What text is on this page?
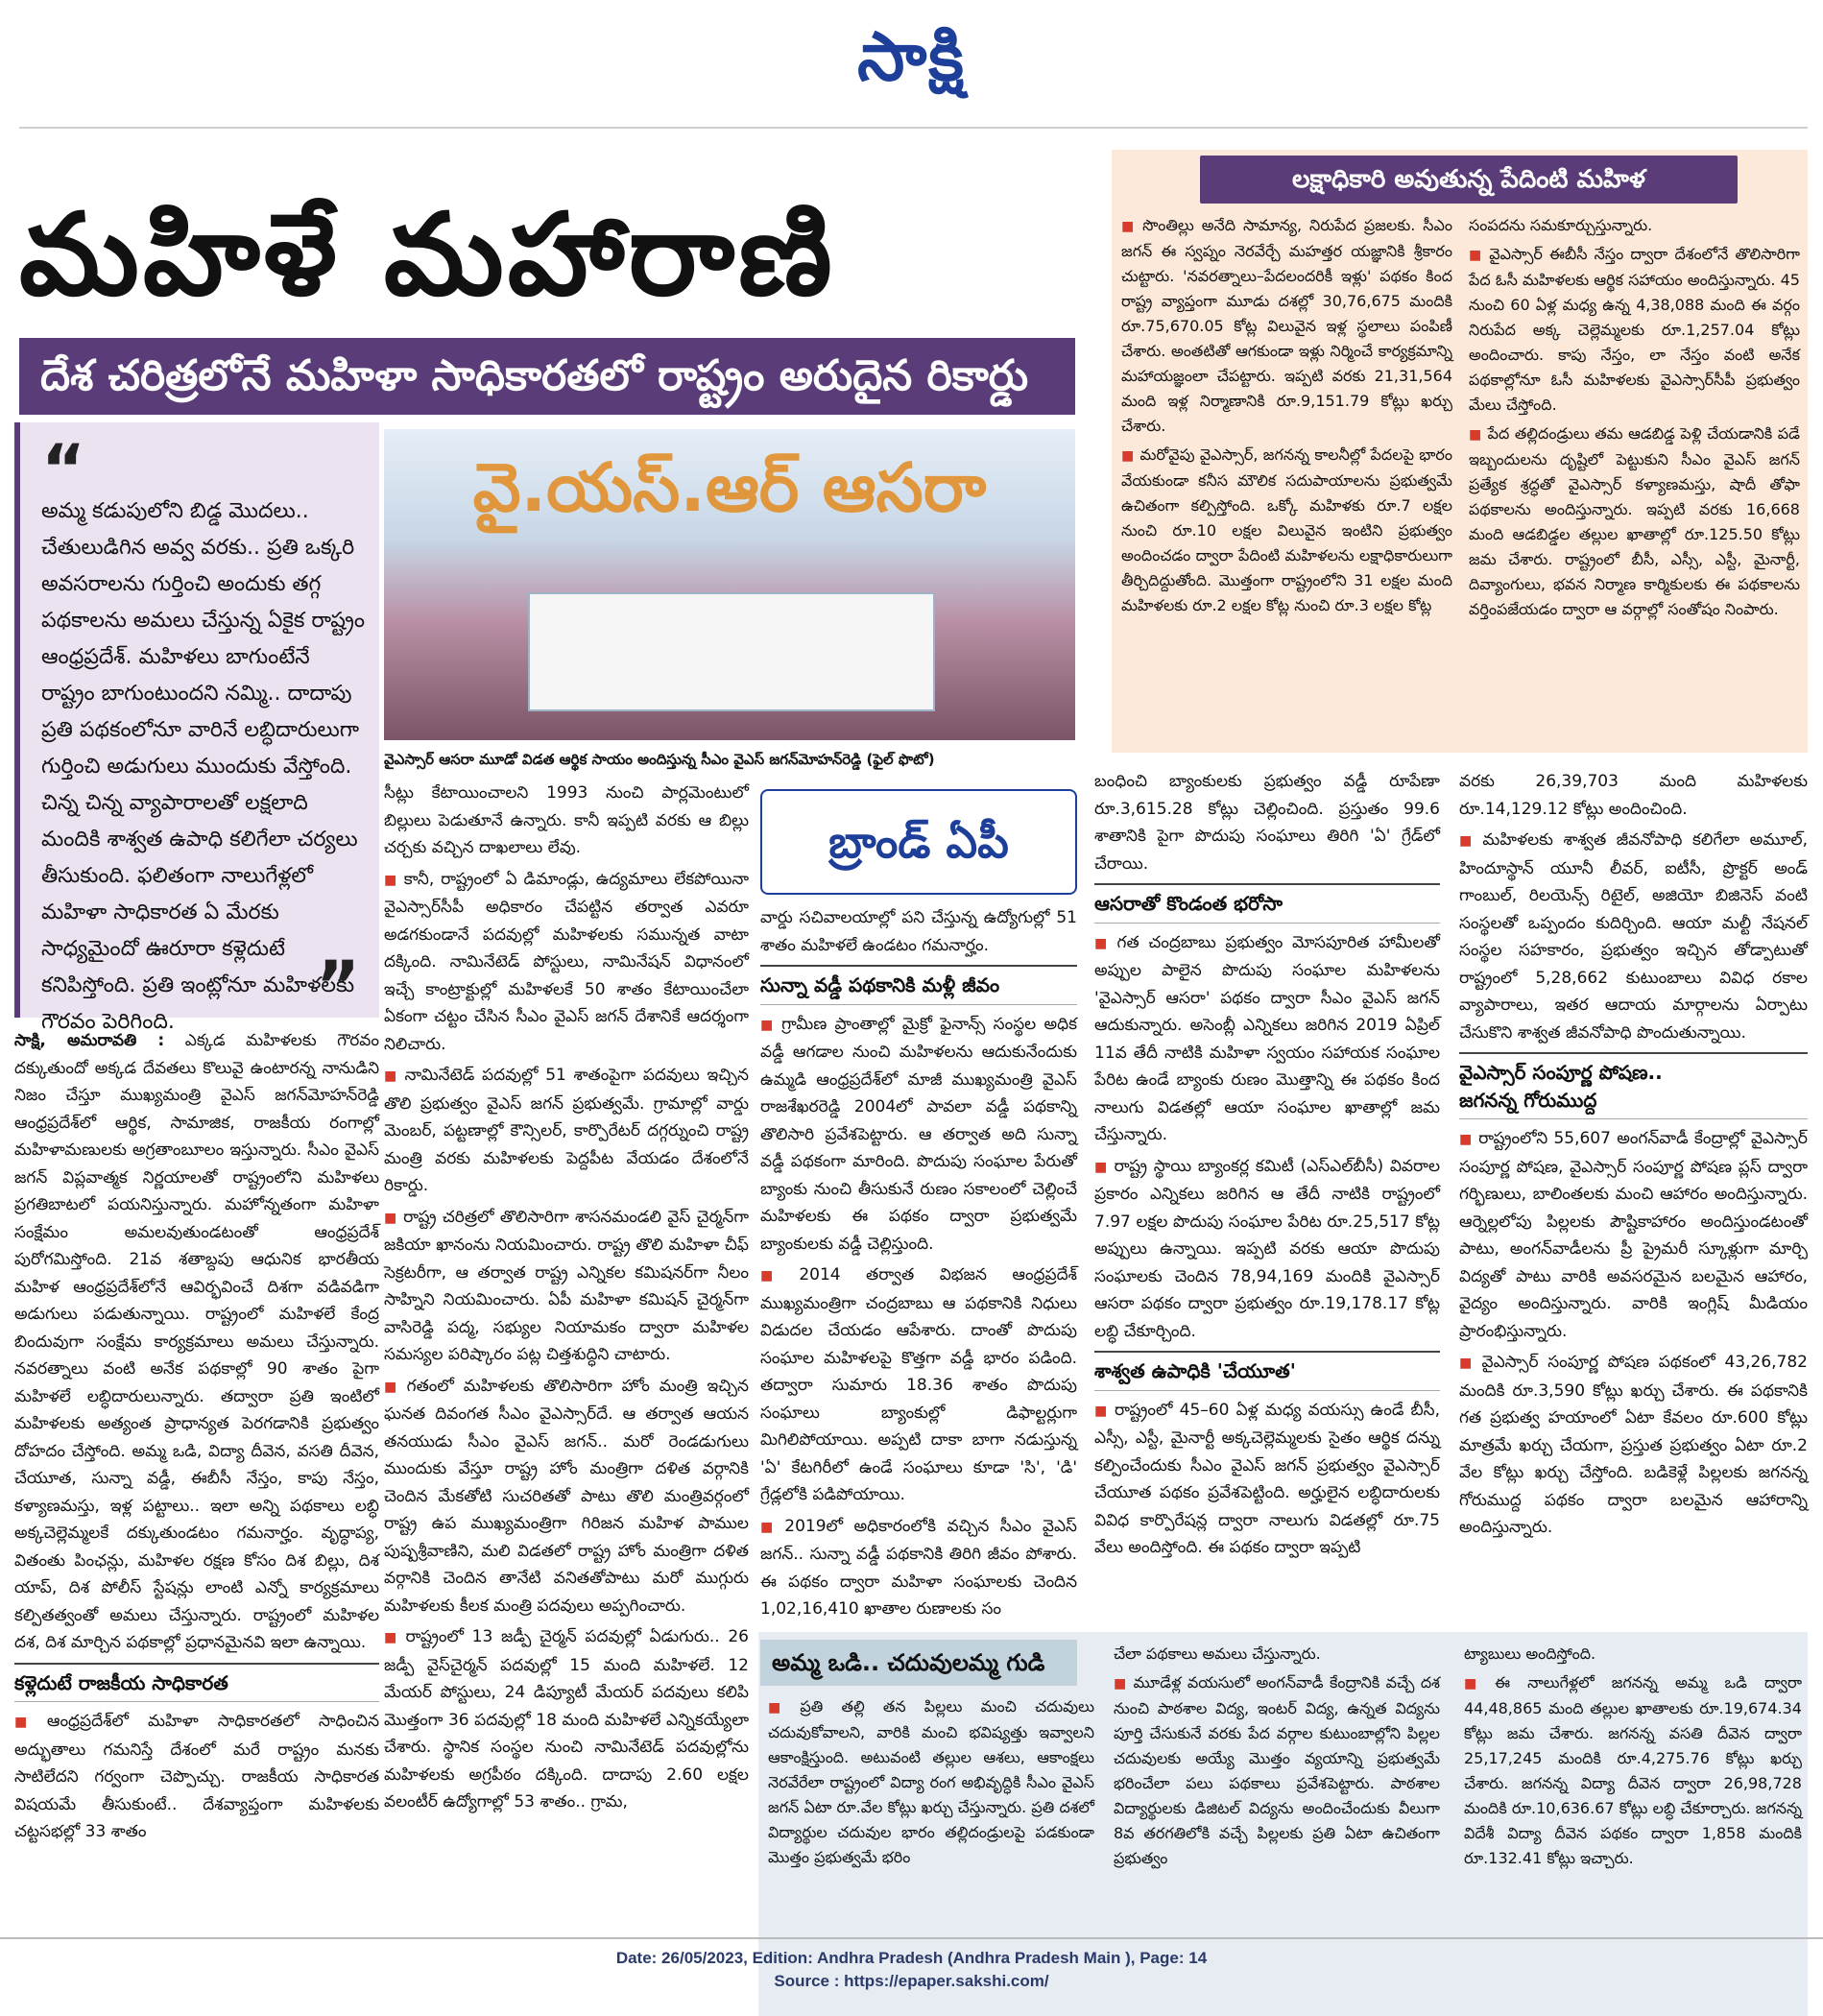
సాక్షి
మహిళే మహారాణి
దేశ చరిత్రలోనే మహిళా సాధికారతలో రాష్ట్రం అరుదైన రికార్డు
“
అమ్మ కడుపులోని బిడ్డ మొదలు.. చేతులుడిగిన అవ్వ వరకు.. ప్రతి ఒక్కరి అవసరాలను గుర్తించి అందుకు తగ్గ పథకాలను అమలు చేస్తున్న ఏకైక రాష్ట్రం ఆంధ్రప్రదేశ్. మహిళలు బాగుంటేనే రాష్ట్రం బాగుంటుందని నమ్మి.. దాదాపు ప్రతి పథకంలోనూ వారినే లబ్ధిదారులుగా గుర్తించి అడుగులు ముందుకు వేస్తోంది. చిన్న చిన్న వ్యాపారాలతో లక్షలాది మందికి శాశ్వత ఉపాధి కలిగేలా చర్యలు తీసుకుంది. ఫలితంగా నాలుగేళ్లలో మహిళా సాధికారత ఏ మేరకు సాధ్యమైందో ఊరూరా కళ్లెదుటే కనిపిస్తోంది. ప్రతి ఇంట్లోనూ మహిళలకు గౌరవం పెరిగింది.	”
వై.యస్.ఆర్ ఆసరా
వైఎస్సార్ ఆసరా మూడో విడత ఆర్థిక సాయం అందిస్తున్న సీఎం వైఎస్ జగన్‌మోహన్‌రెడ్డి (ఫైల్ ఫొటో)

సాక్షి, అమరావతి : ఎక్కడ మహిళలకు గౌరవం దక్కుతుందో అక్కడ దేవతలు కొలువై ఉంటారన్న నానుడిని నిజం చేస్తూ ముఖ్యమంత్రి వైఎస్ జగన్‌మోహన్‌రెడ్డి ఆంధ్రప్రదేశ్‌లో ఆర్థిక, సామాజిక, రాజకీయ రంగాల్లో మహిళామణులకు అగ్రతాంబూలం ఇస్తున్నారు. సీఎం వైఎస్ జగన్ విప్లవాత్మక నిర్ణయాలతో రాష్ట్రంలోని మహిళలు ప్రగతిబాటలో పయనిస్తున్నారు. మహోన్నతంగా మహిళా సంక్షేమం అమలవుతుండటంతో ఆంధ్రప్రదేశ్ పురోగమిస్తోంది. 21వ శతాబ్దపు ఆధునిక భారతీయ మహిళ ఆంధ్రప్రదేశ్‌లోనే ఆవిర్భవించే దిశగా వడివడిగా అడుగులు పడుతున్నాయి. రాష్ట్రంలో మహిళలే కేంద్ర బిందువుగా సంక్షేమ కార్యక్రమాలు అమలు చేస్తున్నారు. నవరత్నాలు వంటి అనేక పథకాల్లో 90 శాతం పైగా మహిళలే లబ్ధిదారులున్నారు. తద్వారా ప్రతి ఇంటిలో మహిళలకు అత్యంత ప్రాధాన్యత పెరగడానికి ప్రభుత్వం దోహదం చేస్తోంది. అమ్మ ఒడి, విద్యా దీవెన, వసతి దీవెన, చేయూత, సున్నా వడ్డీ, ఈబీసీ నేస్తం, కాపు నేస్తం, కళ్యాణమస్తు, ఇళ్ల పట్టాలు.. ఇలా అన్ని పథకాలు లబ్ధి అక్కచెల్లెమ్మలకే దక్కుతుండటం గమనార్హం. వృద్ధాప్య, వితంతు పింఛన్లు, మహిళల రక్షణ కోసం దిశ బిల్లు, దిశ యాప్, దిశ పోలీస్ స్టేషన్లు లాంటి ఎన్నో కార్యక్రమాలు కల్పితత్వంతో అమలు చేస్తున్నారు. రాష్ట్రంలో మహిళల దశ, దిశ మార్చిన పథకాల్లో ప్రధానమైనవి ఇలా ఉన్నాయి.

కళ్లెదుటే రాజకీయ సాధికారత

■ ఆంధ్రప్రదేశ్‌లో మహిళా సాధికారతలో సాధించిన అద్భుతాలు గమనిస్తే దేశంలో మరే రాష్ట్రం మనకు సాటిలేదని గర్వంగా చెప్పొచ్చు. రాజకీయ సాధికారత విషయమే తీసుకుంటే.. దేశవ్యాప్తంగా మహిళలకు చట్టసభల్లో 33 శాతం

సీట్లు కేటాయించాలని 1993 నుంచి పార్లమెంటులో బిల్లులు పెడుతూనే ఉన్నారు. కానీ ఇప్పటి వరకు ఆ బిల్లు చర్చకు వచ్చిన దాఖలాలు లేవు.

■ కానీ, రాష్ట్రంలో ఏ డిమాండ్లు, ఉద్యమాలు లేకపోయినా వైఎస్సార్‌సీపీ అధికారం చేపట్టిన తర్వాత ఎవరూ అడగకుండానే పదవుల్లో మహిళలకు సమున్నత వాటా దక్కింది. నామినేటెడ్ పోస్టులు, నామినేషన్ విధానంలో ఇచ్చే కాంట్రాక్టుల్లో మహిళలకే 50 శాతం కేటాయించేలా ఏకంగా చట్టం చేసిన సీఎం వైఎస్ జగన్ దేశానికే ఆదర్శంగా నిలిచారు.

■ నామినేటెడ్ పదవుల్లో 51 శాతంపైగా పదవులు ఇచ్చిన తొలి ప్రభుత్వం వైఎస్ జగన్ ప్రభుత్వమే. గ్రామాల్లో వార్డు మెంబర్, పట్టణాల్లో కౌన్సిలర్, కార్పొరేటర్ దగ్గర్నుంచి రాష్ట్ర మంత్రి వరకు మహిళలకు పెద్దపీట వేయడం దేశంలోనే రికార్డు.

■ రాష్ట్ర చరిత్రలో తొలిసారిగా శాసనమండలి వైస్ చైర్మన్‌గా జకియా ఖానంను నియమించారు. రాష్ట్ర తొలి మహిళా చీఫ్ సెక్రటరీగా, ఆ తర్వాత రాష్ట్ర ఎన్నికల కమిషనర్‌గా నీలం సాహ్నిని నియమించారు. ఏపీ మహిళా కమిషన్ చైర్మన్‌గా వాసిరెడ్డి పద్మ, సభ్యుల నియామకం ద్వారా మహిళల సమస్యల పరిష్కారం పట్ల చిత్తశుద్ధిని చాటారు.

■ గతంలో మహిళలకు తొలిసారిగా హోం మంత్రి ఇచ్చిన ఘనత దివంగత సీఎం వైఎస్సార్‌దే. ఆ తర్వాత ఆయన తనయుడు సీఎం వైఎస్ జగన్.. మరో రెండడుగులు ముందుకు వేస్తూ రాష్ట్ర హోం మంత్రిగా దళిత వర్గానికి చెందిన మేకతోటి సుచరితతో పాటు తొలి మంత్రివర్గంలో రాష్ట్ర ఉప ముఖ్యమంత్రిగా గిరిజన మహిళ పాముల పుష్పశ్రీవాణిని, మలి విడతలో రాష్ట్ర హోం మంత్రిగా దళిత వర్గానికి చెందిన తానేటి వనితతోపాటు మరో ముగ్గురు మహిళలకు కీలక మంత్రి పదవులు అప్పగించారు.

■ రాష్ట్రంలో 13 జడ్పీ చైర్మన్ పదవుల్లో ఏడుగురు.. 26 జడ్పీ వైస్‌చైర్మన్ పదవుల్లో 15 మంది మహిళలే. 12 మేయర్ పోస్టులు, 24 డిప్యూటీ మేయర్ పదవులు కలిపి మొత్తంగా 36 పదవుల్లో 18 మంది మహిళలే ఎన్నికయ్యేలా చేశారు. స్థానిక సంస్థల నుంచి నామినేటెడ్ పదవుల్లోను మహిళలకు అగ్రపీఠం దక్కింది. దాదాపు 2.60 లక్షల వలంటీర్ ఉద్యోగాల్లో 53 శాతం.. గ్రామ,

బ్రాండ్ ఏపీ

వార్డు సచివాలయాల్లో పని చేస్తున్న ఉద్యోగుల్లో 51 శాతం మహిళలే ఉండటం గమనార్హం.

సున్నా వడ్డీ పథకానికి మళ్లీ జీవం

■ గ్రామీణ ప్రాంతాల్లో మైక్రో ఫైనాన్స్ సంస్థల అధిక వడ్డీ ఆగడాల నుంచి మహిళలను ఆదుకునేందుకు ఉమ్మడి ఆంధ్రప్రదేశ్‌లో మాజీ ముఖ్యమంత్రి వైఎస్ రాజశేఖరరెడ్డి 2004లో పావలా వడ్డీ పథకాన్ని తొలిసారి ప్రవేశపెట్టారు. ఆ తర్వాత అది సున్నా వడ్డీ పథకంగా మారింది. పొదుపు సంఘాల పేరుతో బ్యాంకు నుంచి తీసుకునే రుణం సకాలంలో చెల్లించే మహిళలకు ఈ పథకం ద్వారా ప్రభుత్వమే బ్యాంకులకు వడ్డీ చెల్లిస్తుంది.

■ 2014 తర్వాత విభజన ఆంధ్రప్రదేశ్ ముఖ్యమంత్రిగా చంద్రబాబు ఆ పథకానికి నిధులు విడుదల చేయడం ఆపేశారు. దాంతో పొదుపు సంఘాల మహిళలపై కొత్తగా వడ్డీ భారం పడింది. తద్వారా సుమారు 18.36 శాతం పొదుపు సంఘాలు బ్యాంకుల్లో డిఫాల్టర్లుగా మిగిలిపోయాయి. అప్పటి దాకా బాగా నడుస్తున్న 'ఏ' కేటగిరీలో ఉండే సంఘాలు కూడా 'సి', 'డి' గ్రేడ్లలోకి పడిపోయాయి.

■ 2019లో అధికారంలోకి వచ్చిన సీఎం వైఎస్ జగన్.. సున్నా వడ్డీ పథకానికి తిరిగి జీవం పోశారు. ఈ పథకం ద్వారా మహిళా సంఘాలకు చెందిన 1,02,16,410 ఖాతాల రుణాలకు సం

లక్షాధికారి అవుతున్న పేదింటి మహిళ

■ సొంతిల్లు అనేది సామాన్య, నిరుపేద ప్రజలకు. సీఎం జగన్ ఈ స్వప్నం నెరవేర్చే మహత్తర యజ్ఞానికి శ్రీకారం చుట్టారు. 'నవరత్నాలు–పేదలందరికీ ఇళ్లు' పథకం కింద రాష్ట్ర వ్యాప్తంగా మూడు దశల్లో 30,76,675 మందికి రూ.75,670.05 కోట్ల విలువైన ఇళ్ల స్థలాలు పంపిణీ చేశారు. అంతటితో ఆగకుండా ఇళ్లు నిర్మించే కార్యక్రమాన్ని మహాయజ్ఞంలా చేపట్టారు. ఇప్పటి వరకు 21,31,564 మంది ఇళ్ల నిర్మాణానికి రూ.9,151.79 కోట్లు ఖర్చు చేశారు.

■ మరోవైపు వైఎస్సార్, జగనన్న కాలనీల్లో పేదలపై భారం వేయకుండా కనీస మౌలిక సదుపాయాలను ప్రభుత్వమే ఉచితంగా కల్పిస్తోంది. ఒక్కో మహిళకు రూ.7 లక్షల నుంచి రూ.10 లక్షల విలువైన ఇంటిని ప్రభుత్వం అందించడం ద్వారా పేదింటి మహిళలను లక్షాధికారులుగా తీర్చిదిద్దుతోంది. మొత్తంగా రాష్ట్రంలోని 31 లక్షల మంది మహిళలకు రూ.2 లక్షల కోట్ల నుంచి రూ.3 లక్షల కోట్ల

సంపదను సమకూర్చుస్తున్నారు.

■ వైఎస్సార్ ఈబీసీ నేస్తం ద్వారా దేశంలోనే తొలిసారిగా పేద ఓసీ మహిళలకు ఆర్థిక సహాయం అందిస్తున్నారు. 45 నుంచి 60 ఏళ్ల మధ్య ఉన్న 4,38,088 మంది ఈ వర్గం నిరుపేద అక్క చెల్లెమ్మలకు రూ.1,257.04 కోట్లు అందించారు. కాపు నేస్తం, లా నేస్తం వంటి అనేక పథకాల్లోనూ ఓసీ మహిళలకు వైఎస్సార్‌సీపీ ప్రభుత్వం మేలు చేస్తోంది.

■ పేద తల్లిదండ్రులు తమ ఆడబిడ్డ పెళ్లి చేయడానికి పడే ఇబ్బందులను దృష్టిలో పెట్టుకుని సీఎం వైఎస్ జగన్ ప్రత్యేక శ్రద్ధతో వైఎస్సార్ కళ్యాణమస్తు, షాదీ తోఫా పథకాలను అందిస్తున్నారు. ఇప్పటి వరకు 16,668 మంది ఆడబిడ్డల తల్లుల ఖాతాల్లో రూ.125.50 కోట్లు జమ చేశారు. రాష్ట్రంలో బీసీ, ఎస్సీ, ఎస్టీ, మైనార్టీ, దివ్యాంగులు, భవన నిర్మాణ కార్మికులకు ఈ పథకాలను వర్తింపజేయడం ద్వారా ఆ వర్గాల్లో సంతోషం నింపారు.

బంధించి బ్యాంకులకు ప్రభుత్వం వడ్డీ రూపేణా రూ.3,615.28 కోట్లు చెల్లించింది. ప్రస్తుతం 99.6 శాతానికి పైగా పొదుపు సంఘాలు తిరిగి 'ఏ' గ్రేడ్‌లో చేరాయి.

ఆసరాతో కొండంత భరోసా

■ గత చంద్రబాబు ప్రభుత్వం మోసపూరిత హామీలతో అప్పుల పాలైన పొదుపు సంఘాల మహిళలను 'వైఎస్సార్ ఆసరా' పథకం ద్వారా సీఎం వైఎస్ జగన్ ఆదుకున్నారు. అసెంబ్లీ ఎన్నికలు జరిగిన 2019 ఏప్రిల్ 11వ తేదీ నాటికి మహిళా స్వయం సహాయక సంఘాల పేరిట ఉండే బ్యాంకు రుణం మొత్తాన్ని ఈ పథకం కింద నాలుగు విడతల్లో ఆయా సంఘాల ఖాతాల్లో జమ చేస్తున్నారు.

■ రాష్ట్ర స్థాయి బ్యాంకర్ల కమిటీ (ఎస్‌ఎల్‌బీసీ) వివరాల ప్రకారం ఎన్నికలు జరిగిన ఆ తేదీ నాటికి రాష్ట్రంలో 7.97 లక్షల పొదుపు సంఘాల పేరిట రూ.25,517 కోట్ల అప్పులు ఉన్నాయి. ఇప్పటి వరకు ఆయా పొదుపు సంఘాలకు చెందిన 78,94,169 మందికి వైఎస్సార్ ఆసరా పథకం ద్వారా ప్రభుత్వం రూ.19,178.17 కోట్ల లబ్ధి చేకూర్చింది.

శాశ్వత ఉపాధికి 'చేయూత'

■ రాష్ట్రంలో 45–60 ఏళ్ల మధ్య వయస్సు ఉండే బీసీ, ఎస్సీ, ఎస్టీ, మైనార్టీ అక్కచెల్లెమ్మలకు సైతం ఆర్థిక దన్ను కల్పించేందుకు సీఎం వైఎస్ జగన్ ప్రభుత్వం వైఎస్సార్ చేయూత పథకం ప్రవేశపెట్టింది. అర్హులైన లబ్ధిదారులకు వివిధ కార్పొరేషన్ల ద్వారా నాలుగు విడతల్లో రూ.75 వేలు అందిస్తోంది. ఈ పథకం ద్వారా ఇప్పటి

వరకు 26,39,703 మంది మహిళలకు రూ.14,129.12 కోట్లు అందించింది.

■ మహిళలకు శాశ్వత జీవనోపాధి కలిగేలా అమూల్, హిందూస్థాన్ యూనీ లీవర్, ఐటీసీ, ప్రొక్టర్ అండ్ గాంబుల్, రిలయెన్స్ రిటైల్, అజియో బిజినెస్ వంటి సంస్థలతో ఒప్పందం కుదిర్చింది. ఆయా మల్టీ నేషనల్ సంస్థల సహకారం, ప్రభుత్వం ఇచ్చిన తోడ్పాటుతో రాష్ట్రంలో 5,28,662 కుటుంబాలు వివిధ రకాల వ్యాపారాలు, ఇతర ఆదాయ మార్గాలను ఏర్పాటు చేసుకొని శాశ్వత జీవనోపాధి పొందుతున్నాయి.

వైఎస్సార్ సంపూర్ణ పోషణ..
జగనన్న గోరుముద్ద

■ రాష్ట్రంలోని 55,607 అంగన్‌వాడీ కేంద్రాల్లో వైఎస్సార్ సంపూర్ణ పోషణ, వైఎస్సార్ సంపూర్ణ పోషణ ప్లస్ ద్వారా గర్భిణులు, బాలింతలకు మంచి ఆహారం అందిస్తున్నారు. ఆర్నెల్లలోపు పిల్లలకు పౌష్టికాహారం అందిస్తుండటంతో పాటు, అంగన్‌వాడీలను ప్రీ ప్రైమరీ స్కూళ్లుగా మార్చి విద్యతో పాటు వారికి అవసరమైన బలమైన ఆహారం, వైద్యం అందిస్తున్నారు. వారికి ఇంగ్లిష్ మీడియం ప్రారంభిస్తున్నారు.

■ వైఎస్సార్ సంపూర్ణ పోషణ పథకంలో 43,26,782 మందికి రూ.3,590 కోట్లు ఖర్చు చేశారు. ఈ పథకానికి గత ప్రభుత్వ హయాంలో ఏటా కేవలం రూ.600 కోట్లు మాత్రమే ఖర్చు చేయగా, ప్రస్తుత ప్రభుత్వం ఏటా రూ.2 వేల కోట్లు ఖర్చు చేస్తోంది. బడికెళ్లే పిల్లలకు జగనన్న గోరుముద్ద పథకం ద్వారా బలమైన ఆహారాన్ని అందిస్తున్నారు.

అమ్మ ఒడి.. చదువులమ్మ గుడి

■ ప్రతి తల్లి తన పిల్లలు మంచి చదువులు చదువుకోవాలని, వారికి మంచి భవిష్యత్తు ఇవ్వాలని ఆకాంక్షిస్తుంది. అటువంటి తల్లుల ఆశలు, ఆకాంక్షలు నెరవేరేలా రాష్ట్రంలో విద్యా రంగ అభివృద్ధికి సీఎం వైఎస్ జగన్ ఏటా రూ.వేల కోట్లు ఖర్చు చేస్తున్నారు. ప్రతి దశలో విద్యార్థుల చదువుల భారం తల్లిదండ్రులపై పడకుండా మొత్తం ప్రభుత్వమే భరిం

చేలా పథకాలు అమలు చేస్తున్నారు.

■ మూడేళ్ల వయసులో అంగన్‌వాడీ కేంద్రానికి వచ్చే దశ నుంచి పాఠశాల విద్య, ఇంటర్ విద్య, ఉన్నత విద్యను పూర్తి చేసుకునే వరకు పేద వర్గాల కుటుంబాల్లోని పిల్లల చదువులకు అయ్యే మొత్తం వ్యయాన్ని ప్రభుత్వమే భరించేలా పలు పథకాలు ప్రవేశపెట్టారు. పాఠశాల విద్యార్థులకు డిజిటల్ విద్యను అందించేందుకు వీలుగా 8వ తరగతిలోకి వచ్చే పిల్లలకు ప్రతి ఏటా ఉచితంగా ప్రభుత్వం

ట్యాబులు అందిస్తోంది.

■ ఈ నాలుగేళ్లలో జగనన్న అమ్మ ఒడి ద్వారా 44,48,865 మంది తల్లుల ఖాతాలకు రూ.19,674.34 కోట్లు జమ చేశారు. జగనన్న వసతి దీవెన ద్వారా 25,17,245 మందికి రూ.4,275.76 కోట్లు ఖర్చు చేశారు. జగనన్న విద్యా దీవెన ద్వారా 26,98,728 మందికి రూ.10,636.67 కోట్లు లబ్ధి చేకూర్చారు. జగనన్న విదేశీ విద్యా దీవెన పథకం ద్వారా 1,858 మందికి రూ.132.41 కోట్లు ఇచ్చారు.

Date: 26/05/2023, Edition: Andhra Pradesh (Andhra Pradesh Main ), Page: 14
Source : https://epaper.sakshi.com/
